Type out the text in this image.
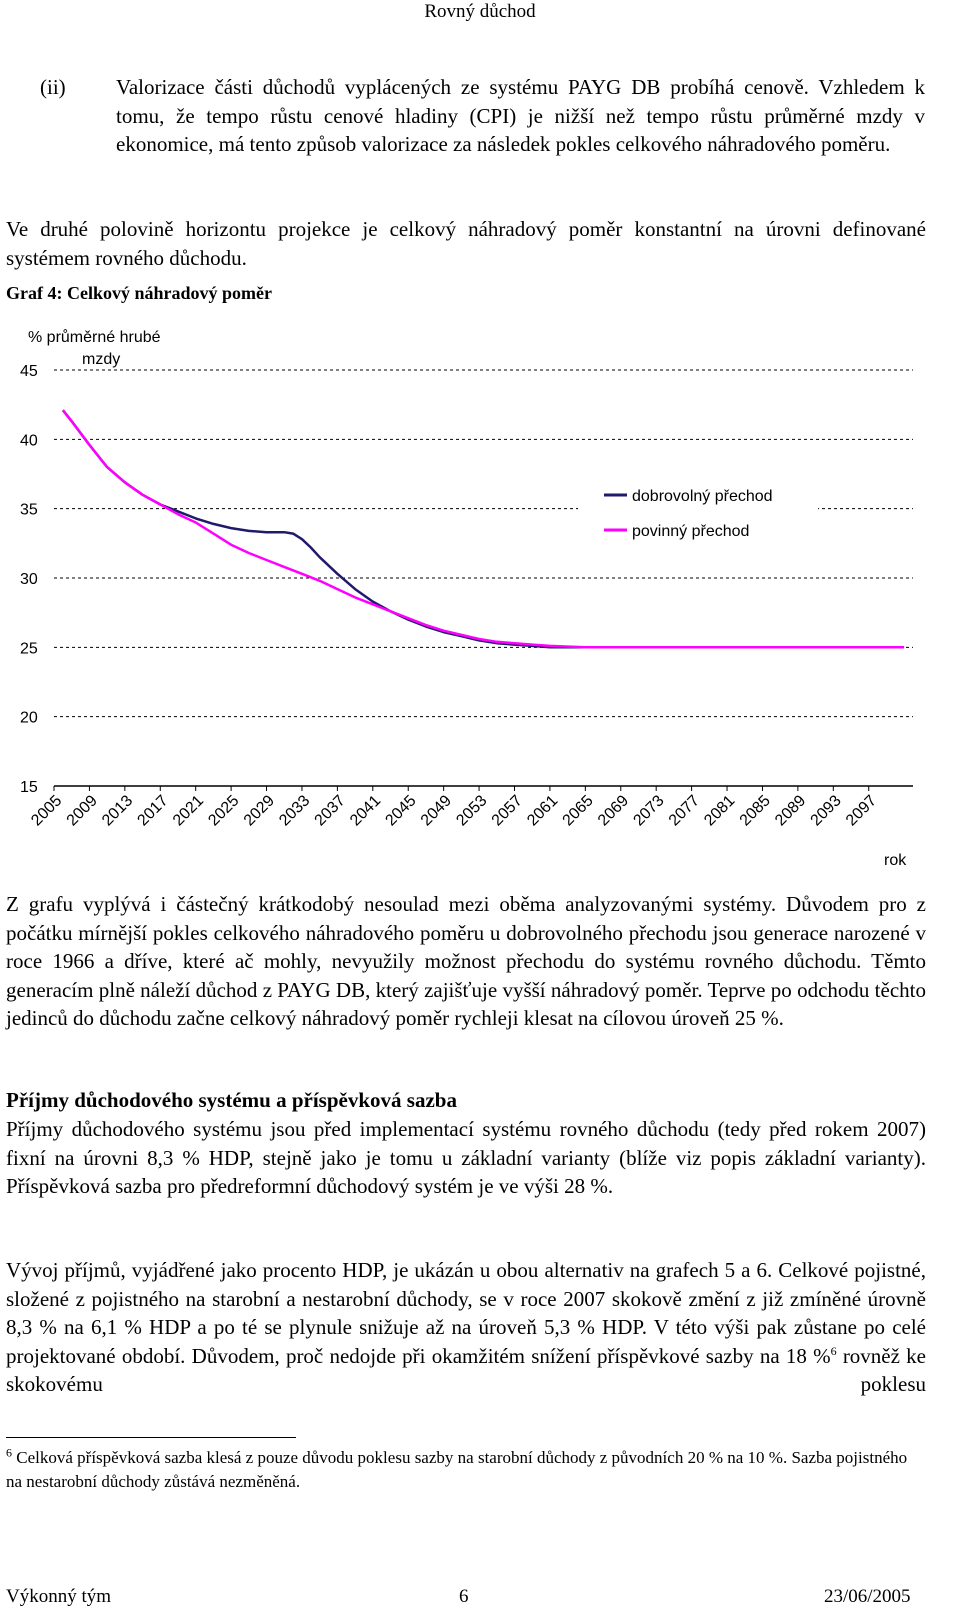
Rovný důchod
(ii) Valorizace části důchodů vyplácených ze systému PAYG DB probíhá cenově. Vzhledem k tomu, že tempo růstu cenové hladiny (CPI) je nižší než tempo růstu průměrné mzdy v ekonomice, má tento způsob valorizace za následek pokles celkového náhradového poměru.
Ve druhé polovině horizontu projekce je celkový náhradový poměr konstantní na úrovni definované systémem rovného důchodu.
Graf 4: Celkový náhradový poměr
45
40
35
30
25
20
15
2005
2009
2013
2017
2021
2025
2029
2033
2037
2041
2045
2049
2053
2057
2061
2065
2069
2073
2077
2081
2085
2089
2093
2097
% průměrné hrubé
mzdy
rok
dobrovolný přechod
povinný přechod
Z grafu vyplývá i částečný krátkodobý nesoulad mezi oběma analyzovanými systémy. Důvodem pro z počátku mírnější pokles celkového náhradového poměru u dobrovolného přechodu jsou generace narozené v roce 1966 a dříve, které ač mohly, nevyužily možnost přechodu do systému rovného důchodu. Těmto generacím plně náleží důchod z PAYG DB, který zajišťuje vyšší náhradový poměr. Teprve po odchodu těchto jedinců do důchodu začne celkový náhradový poměr rychleji klesat na cílovou úroveň 25 %.
Příjmy důchodového systému a příspěvková sazba
Příjmy důchodového systému jsou před implementací systému rovného důchodu (tedy před rokem 2007) fixní na úrovni 8,3 % HDP, stejně jako je tomu u základní varianty (blíže viz popis základní varianty). Příspěvková sazba pro předreformní důchodový systém je ve výši 28 %.
Vývoj příjmů, vyjádřené jako procento HDP, je ukázán u obou alternativ na grafech 5 a 6. Celkové pojistné, složené z pojistného na starobní a nestarobní důchody, se v roce 2007 skokově změní z již zmíněné úrovně 8,3 % na 6,1 % HDP a po té se plynule snižuje až na úroveň 5,3 % HDP. V této výši pak zůstane po celé projektované období. Důvodem, proč nedojde při okamžitém snížení příspěvkové sazby na 18 %$^6$ rovněž ke skokovému poklesu
$^6$ Celková příspěvková sazba klesá z pouze důvodu poklesu sazby na starobní důchody z původních 20 % na 10 %. Sazba pojistného na nestarobní důchody zůstává nezměněná.
Výkonný tým	6	23/06/2005
